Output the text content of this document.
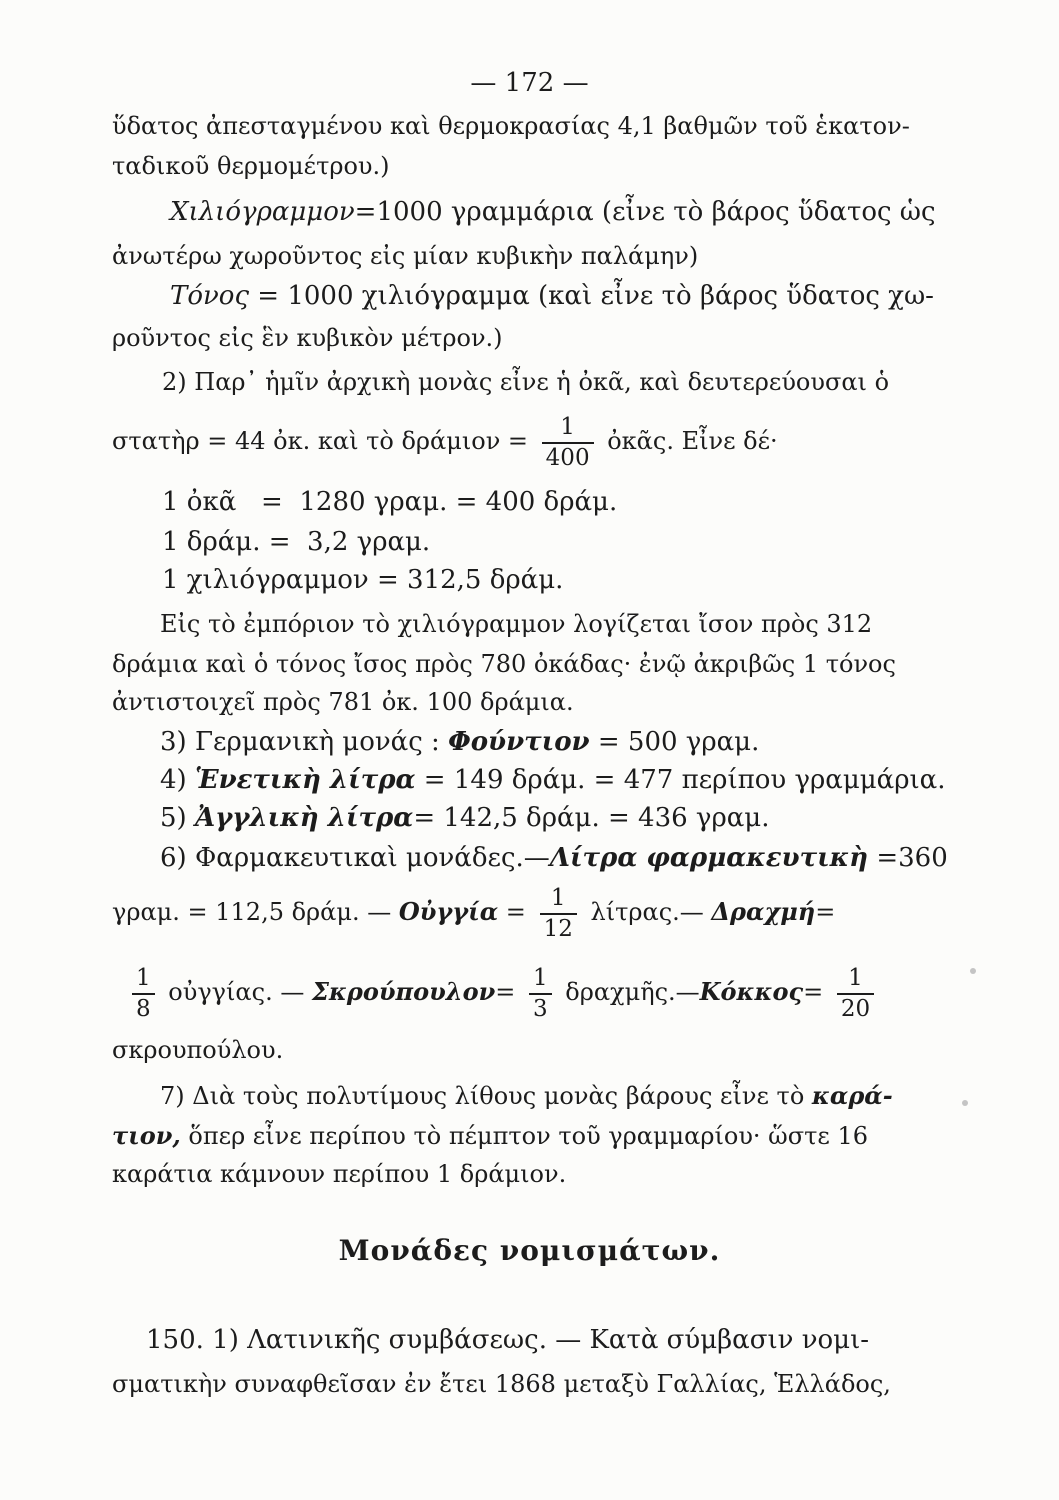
— 172 —
ὕδατος ἀπεσταγμένου καὶ θερμοκρασίας 4,1 βαθμῶν τοῦ ἑκατον-
ταδικοῦ θερμομέτρου.)
Χιλιόγραμμον=1000 γραμμάρια (εἶνε τὸ βάρος ὕδατος ὡς
ἀνωτέρω χωροῦντος εἰς μίαν κυβικὴν παλάμην)
Τόνος = 1000 χιλιόγραμμα (καὶ εἶνε τὸ βάρος ὕδατος χω-
ροῦντος εἰς ἓν κυβικὸν μέτρον.)
2) Παρ᾽ ἡμῖν ἀρχικὴ μονὰς εἶνε ἡ ὀκᾶ, καὶ δευτερεύουσαι ὁ
στατὴρ = 44 ὀκ. καὶ τὸ $\delta\rho ά\mu\iota o\nu = \frac{1}{400}$ ὀκᾶς. Εἶνε δέ·
1 ὀκᾶ   =  1280 γραμ. = 400 δράμ.
1 δράμ. =  3,2 γραμ.
1 χιλιόγραμμον = 312,5 δράμ.
Εἰς τὸ ἐμπόριον τὸ χιλιόγραμμον λογίζεται ἴσον πρὸς 312
δράμια καὶ ὁ τόνος ἴσος πρὸς 780 ὀκάδας· ἐνῷ ἀκριβῶς 1 τόνος
ἀντιστοιχεῖ πρὸς 781 ὀκ. 100 δράμια.
3) Γερμανικὴ μονάς : Φούντιον = 500 γραμ.
4) Ἑνετικὴ λίτρα = 149 δράμ. = 477 περίπου γραμμάρια.
5) Ἀγγλικὴ λίτρα= 142,5 δράμ. = 436 γραμ.
6) Φαρμακευτικαὶ μονάδες.—Λίτρα φαρμακευτικὴ =360
γραμ. = 112,5 δράμ. — Οὐγγία = $\frac{1}{12}$ λίτρας.— Δραχμή=
$\frac{1}{8}$ οὐγγίας. — $\Sigma\kappa\rho oύ\pi o\upsilon\lambda o\nu= \frac{1}{3}$ δραχμῆς.—Κόκκος= $\frac{1}{20}$
σκρουπούλου.
7) Διὰ τοὺς πολυτίμους λίθους μονὰς βάρους εἶνε τὸ καρά-
τιον, ὅπερ εἶνε περίπου τὸ πέμπτον τοῦ γραμμαρίου· ὥστε 16
καράτια κάμνουν περίπου 1 δράμιον.
Μονάδες νομισμάτων.
150. 1) Λατινικῆς συμβάσεως. — Κατὰ σύμβασιν νομι-
σματικὴν συναφθεῖσαν ἐν ἔτει 1868 μεταξὺ Γαλλίας, Ἑλλάδος,
